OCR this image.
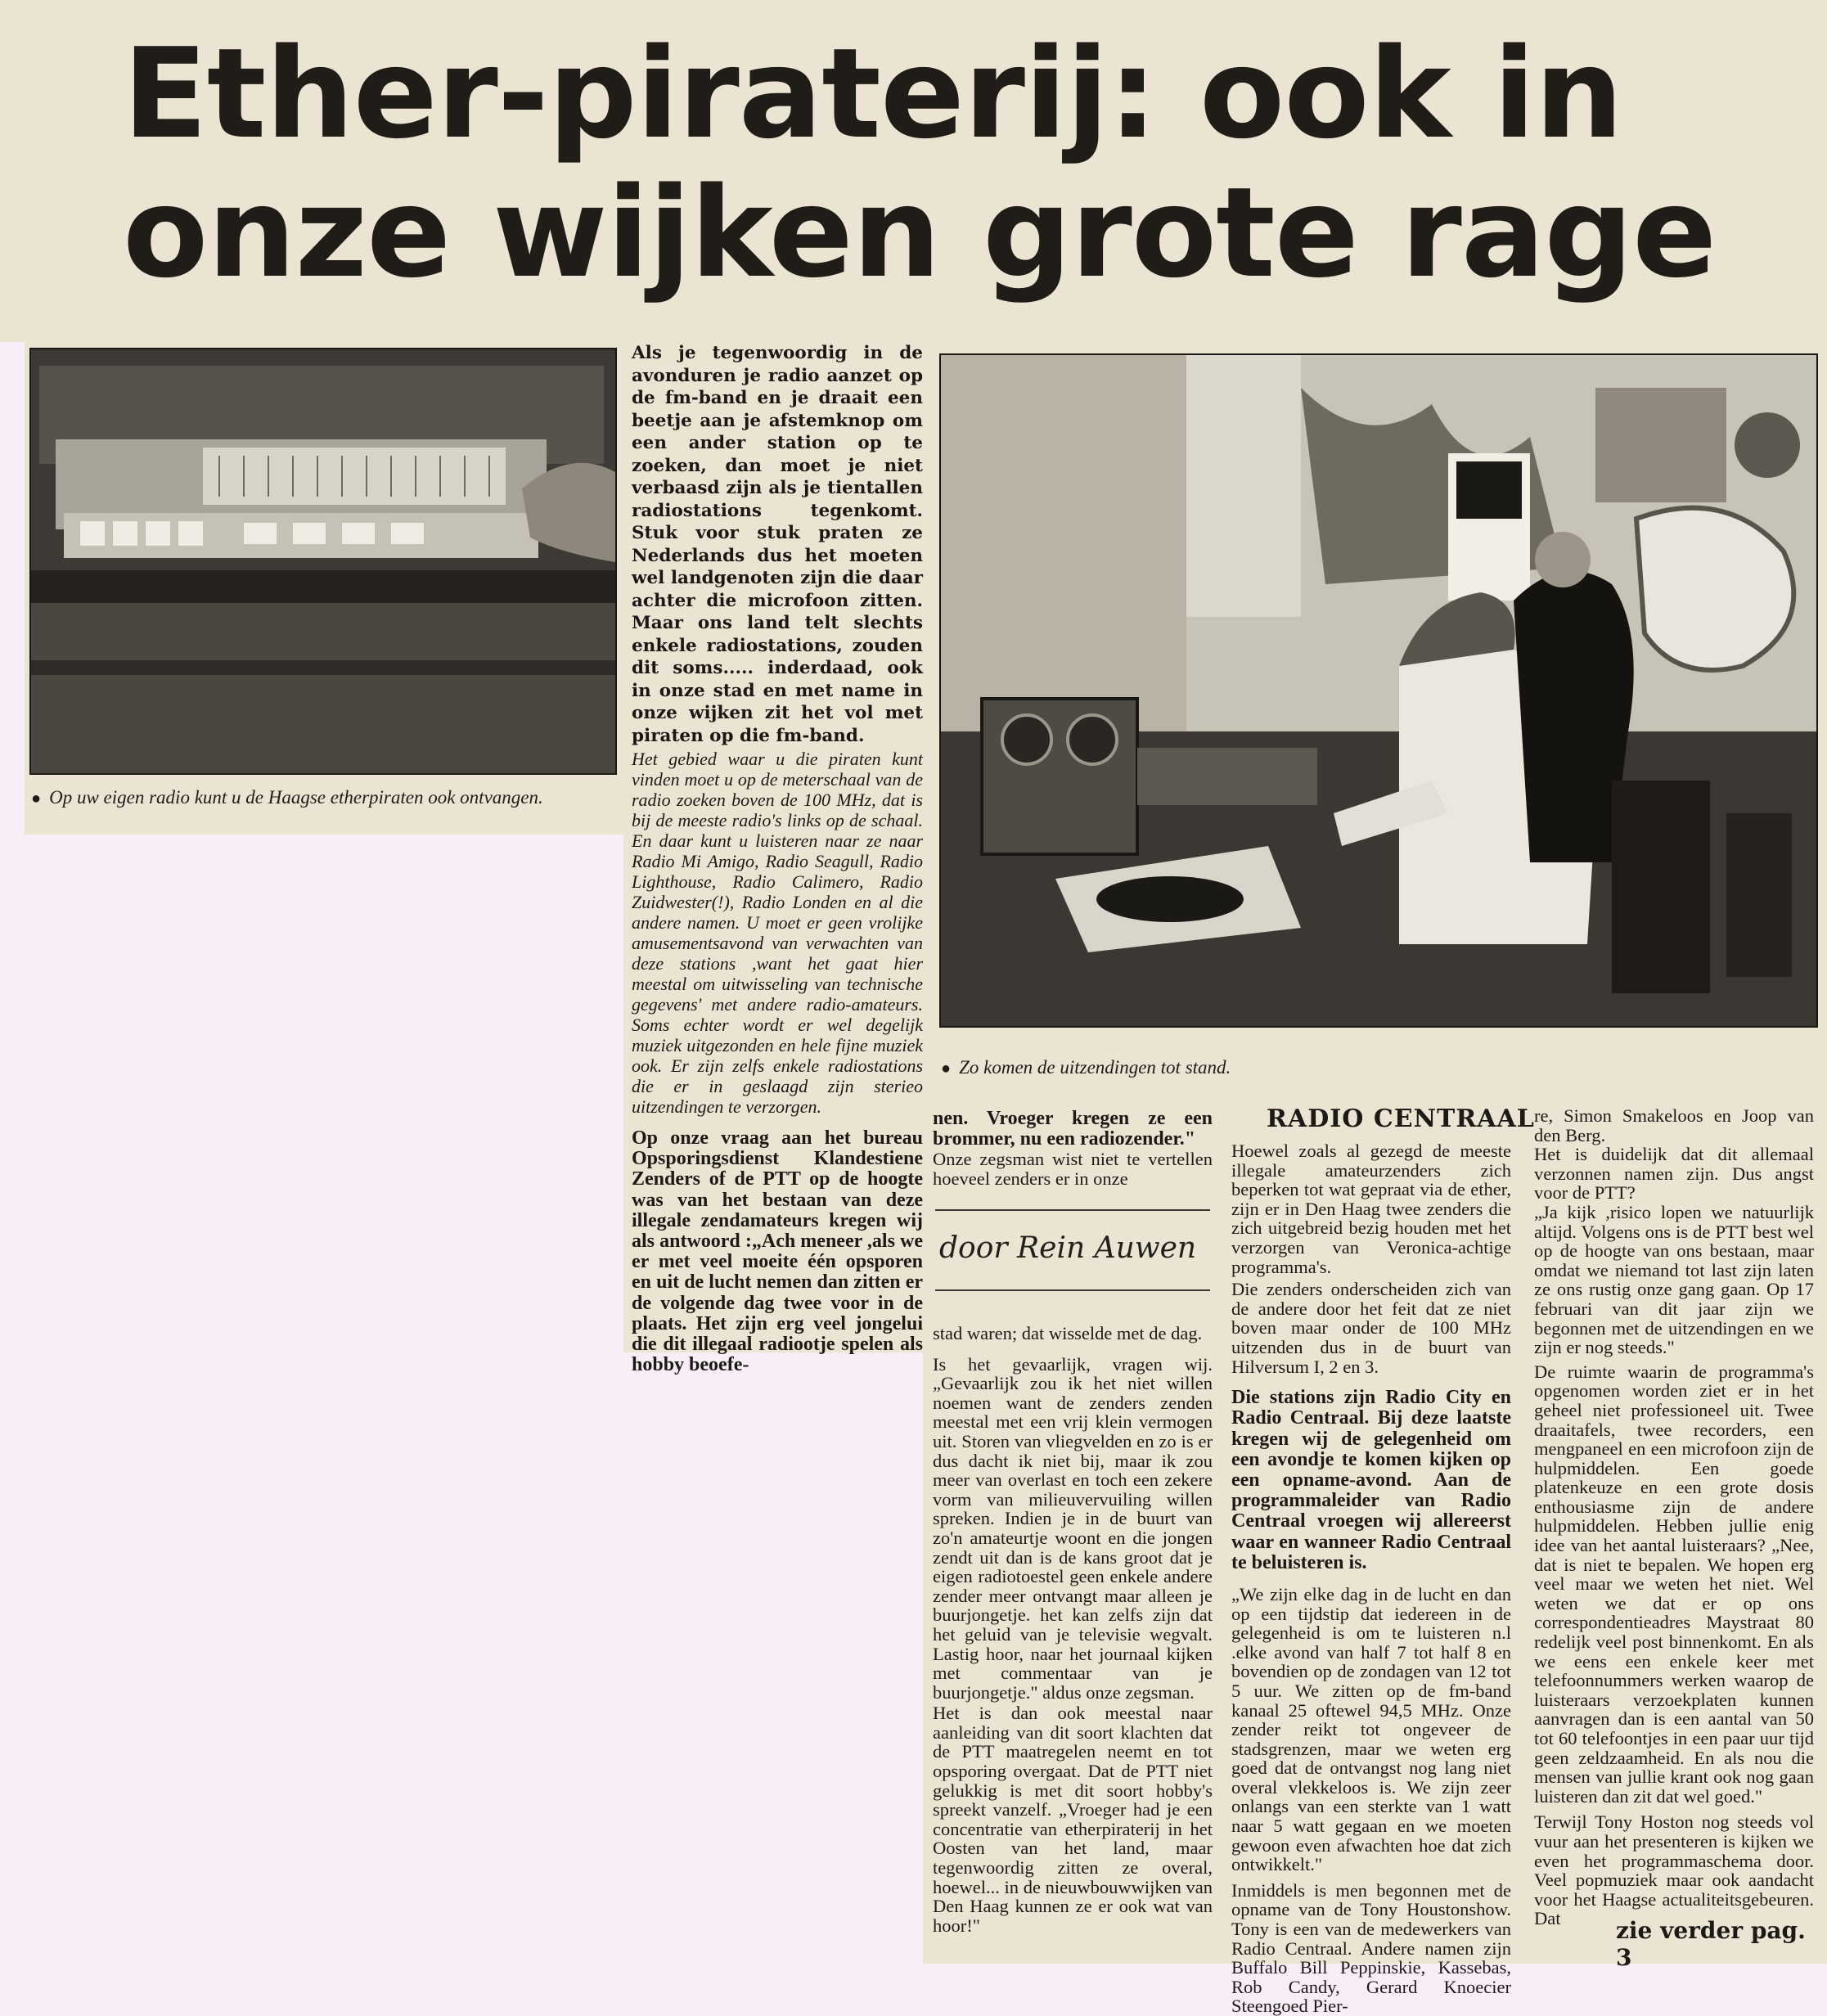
Ether-piraterij: ook in
onze wijken grote rage
● Op uw eigen radio kunt u de Haagse etherpiraten ook ontvangen.
Als je tegenwoordig in de avonduren je radio aanzet op de fm-band en je draait een beetje aan je afstemknop om een ander station op te zoeken, dan moet je niet verbaasd zijn als je tientallen radiostations tegenkomt. Stuk voor stuk praten ze Nederlands dus het moeten wel landgenoten zijn die daar achter die microfoon zitten. Maar ons land telt slechts enkele radiostations, zouden dit soms..... inderdaad, ook in onze stad en met name in onze wijken zit het vol met piraten op die fm-band.

Het gebied waar u die piraten kunt vinden moet u op de meterschaal van de radio zoeken boven de 100 MHz, dat is bij de meeste radio's links op de schaal. En daar kunt u luisteren naar ze naar Radio Mi Amigo, Radio Seagull, Radio Lighthouse, Radio Calimero, Radio Zuidwester(!), Radio Londen en al die andere namen. U moet er geen vrolijke amusementsavond van verwachten van deze stations ,want het gaat hier meestal om uitwisseling van technische gegevens' met andere radio-amateurs. Soms echter wordt er wel degelijk muziek uitgezonden en hele fijne muziek ook. Er zijn zelfs enkele radiostations die er in geslaagd zijn sterieo uitzendingen te verzorgen.

Op onze vraag aan het bureau Opsporingsdienst Klandestiene Zenders of de PTT op de hoogte was van het bestaan van deze illegale zendamateurs kregen wij als antwoord :„Ach meneer ,als we er met veel moeite één opsporen en uit de lucht nemen dan zitten er de volgende dag twee voor in de plaats. Het zijn erg veel jongelui die dit illegaal radiootje spelen als hobby beoefe-

● Zo komen de uitzendingen tot stand.

nen. Vroeger kregen ze een brommer, nu een radiozender."

Onze zegsman wist niet te vertellen hoeveel zenders er in onze

door Rein Auwen

stad waren; dat wisselde met de dag.

Is het gevaarlijk, vragen wij. „Gevaarlijk zou ik het niet willen noemen want de zenders zenden meestal met een vrij klein vermogen uit. Storen van vliegvelden en zo is er dus dacht ik niet bij, maar ik zou meer van overlast en toch een zekere vorm van milieuvervuiling willen spreken. Indien je in de buurt van zo'n amateurtje woont en die jongen zendt uit dan is de kans groot dat je eigen radiotoestel geen enkele andere zender meer ontvangt maar alleen je buurjongetje. het kan zelfs zijn dat het geluid van je televisie wegvalt. Lastig hoor, naar het journaal kijken met commentaar van je buurjongetje." aldus onze zegsman.

Het is dan ook meestal naar aanleiding van dit soort klachten dat de PTT maatregelen neemt en tot opsporing overgaat. Dat de PTT niet gelukkig is met dit soort hobby's spreekt vanzelf. „Vroeger had je een concentratie van etherpiraterij in het Oosten van het land, maar tegenwoordig zitten ze overal, hoewel... in de nieuwbouwwijken van Den Haag kunnen ze er ook wat van hoor!"

RADIO CENTRAAL

Hoewel zoals al gezegd de meeste illegale amateurzenders zich beperken tot wat gepraat via de ether, zijn er in Den Haag twee zenders die zich uitgebreid bezig houden met het verzorgen van Veronica-achtige programma's.

Die zenders onderscheiden zich van de andere door het feit dat ze niet boven maar onder de 100 MHz uitzenden dus in de buurt van Hilversum I, 2 en 3.

Die stations zijn Radio City en Radio Centraal. Bij deze laatste kregen wij de gelegenheid om een avondje te komen kijken op een opname-avond. Aan de programmaleider van Radio Centraal vroegen wij allereerst waar en wanneer Radio Centraal te beluisteren is.

„We zijn elke dag in de lucht en dan op een tijdstip dat iedereen in de gelegenheid is om te luisteren n.l .elke avond van half 7 tot half 8 en bovendien op de zondagen van 12 tot 5 uur. We zitten op de fm-band kanaal 25 oftewel 94,5 MHz. Onze zender reikt tot ongeveer de stadsgrenzen, maar we weten erg goed dat de ontvangst nog lang niet overal vlekkeloos is. We zijn zeer onlangs van een sterkte van 1 watt naar 5 watt gegaan en we moeten gewoon even afwachten hoe dat zich ontwikkelt."

Inmiddels is men begonnen met de opname van de Tony Houstonshow. Tony is een van de medewerkers van Radio Centraal. Andere namen zijn Buffalo Bill Peppinskie, Kassebas, Rob Candy, Gerard Knoecier Steengoed Pier-

re, Simon Smakeloos en Joop van den Berg.

Het is duidelijk dat dit allemaal verzonnen namen zijn. Dus angst voor de PTT?

„Ja kijk ,risico lopen we natuurlijk altijd. Volgens ons is de PTT best wel op de hoogte van ons bestaan, maar omdat we niemand tot last zijn laten ze ons rustig onze gang gaan. Op 17 februari van dit jaar zijn we begonnen met de uitzendingen en we zijn er nog steeds."

De ruimte waarin de programma's opgenomen worden ziet er in het geheel niet professioneel uit. Twee draaitafels, twee recorders, een mengpaneel en een microfoon zijn de hulpmiddelen. Een goede platenkeuze en een grote dosis enthousiasme zijn de andere hulpmiddelen. Hebben jullie enig idee van het aantal luisteraars? „Nee, dat is niet te bepalen. We hopen erg veel maar we weten het niet. Wel weten we dat er op ons correspondentieadres Maystraat 80 redelijk veel post binnenkomt. En als we eens een enkele keer met telefoonnummers werken waarop de luisteraars verzoekplaten kunnen aanvragen dan is een aantal van 50 tot 60 telefoontjes in een paar uur tijd geen zeldzaamheid. En als nou die mensen van jullie krant ook nog gaan luisteren dan zit dat wel goed."

Terwijl Tony Hoston nog steeds vol vuur aan het presenteren is kijken we even het programmaschema door. Veel popmuziek maar ook aandacht voor het Haagse actualiteitsgebeuren. Dat	zie verder pag. 3
